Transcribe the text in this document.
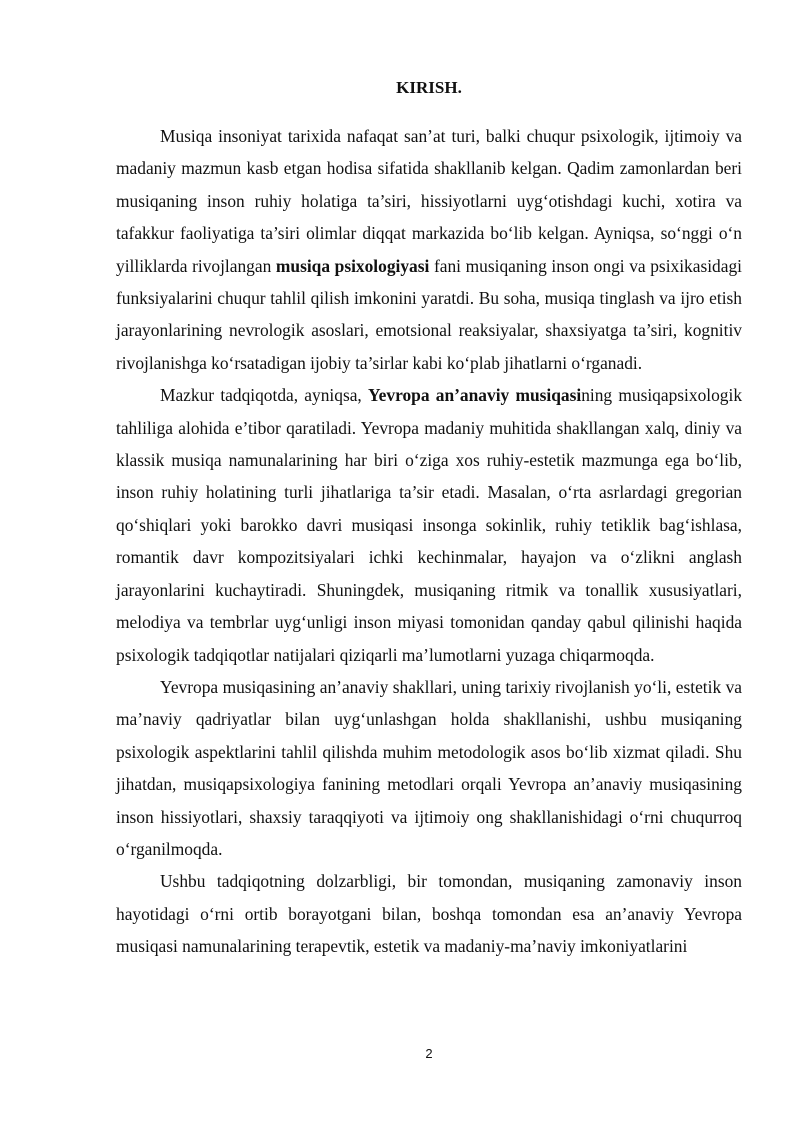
KIRISH.

Musiqa insoniyat tarixida nafaqat san’at turi, balki chuqur psixologik, ijtimoiy va madaniy mazmun kasb etgan hodisa sifatida shakllanib kelgan. Qadim zamonlardan beri musiqaning inson ruhiy holatiga ta’siri, hissiyotlarni uyg‘otishdagi kuchi, xotira va tafakkur faoliyatiga ta’siri olimlar diqqat markazida bo‘lib kelgan. Ayniqsa, so‘nggi o‘n yilliklarda rivojlangan musiqa psixologiyasi fani musiqaning inson ongi va psixikasidagi funksiyalarini chuqur tahlil qilish imkonini yaratdi. Bu soha, musiqa tinglash va ijro etish jarayonlarining nevrologik asoslari, emotsional reaksiyalar, shaxsiyatga ta’siri, kognitiv rivojlanishga ko‘rsatadigan ijobiy ta’sirlar kabi ko‘plab jihatlarni o‘rganadi.

Mazkur tadqiqotda, ayniqsa, Yevropa an’anaviy musiqasining musiqapsixologik tahliliga alohida e’tibor qaratiladi. Yevropa madaniy muhitida shakllangan xalq, diniy va klassik musiqa namunalarining har biri o‘ziga xos ruhiy-estetik mazmunga ega bo‘lib, inson ruhiy holatining turli jihatlariga ta’sir etadi. Masalan, o‘rta asrlardagi gregorian qo‘shiqlari yoki barokko davri musiqasi insonga sokinlik, ruhiy tetiklik bag‘ishlasa, romantik davr kompozitsiyalari ichki kechinmalar, hayajon va o‘zlikni anglash jarayonlarini kuchaytiradi. Shuningdek, musiqaning ritmik va tonallik xususiyatlari, melodiya va tembrlar uyg‘unligi inson miyasi tomonidan qanday qabul qilinishi haqida psixologik tadqiqotlar natijalari qiziqarli ma’lumotlarni yuzaga chiqarmoqda.

Yevropa musiqasining an’anaviy shakllari, uning tarixiy rivojlanish yo‘li, estetik va ma’naviy qadriyatlar bilan uyg‘unlashgan holda shakllanishi, ushbu musiqaning psixologik aspektlarini tahlil qilishda muhim metodologik asos bo‘lib xizmat qiladi. Shu jihatdan, musiqapsixologiya fanining metodlari orqali Yevropa an’anaviy musiqasining inson hissiyotlari, shaxsiy taraqqiyoti va ijtimoiy ong shakllanishidagi o‘rni chuqurroq o‘rganilmoqda.

Ushbu tadqiqotning dolzarbligi, bir tomondan, musiqaning zamonaviy inson hayotidagi o‘rni ortib borayotgani bilan, boshqa tomondan esa an’anaviy Yevropa musiqasi namunalarining terapevtik, estetik va madaniy-ma’naviy imkoniyatlarini

2
